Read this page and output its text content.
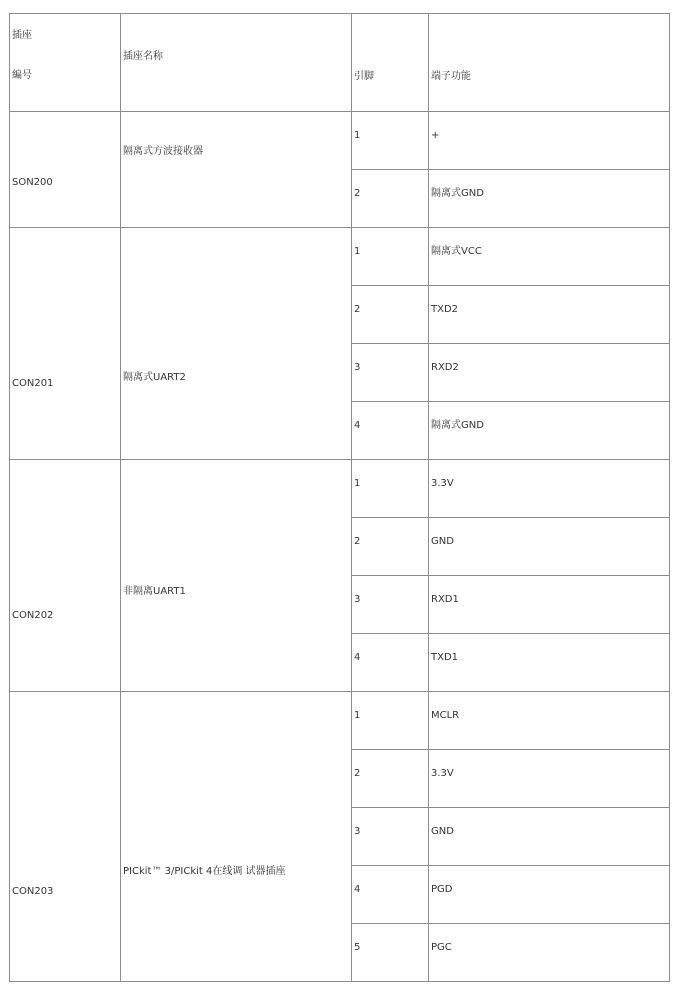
插座
編号	插座名称	引脚	端子功能
SON200	隔离式方波接收器	1	+
		2	隔离式GND
CON201	隔离式UART2	1	隔离式VCC
		2	TXD2
		3	RXD2
		4	隔离式GND
CON202	非隔离UART1	1	3.3V
		2	GND
		3	RXD1
		4	TXD1
CON203	PICkit™ 3/PICkit 4在线调 试器插座	1	MCLR
		2	3.3V
		3	GND
		4	PGD
		5	PGC
